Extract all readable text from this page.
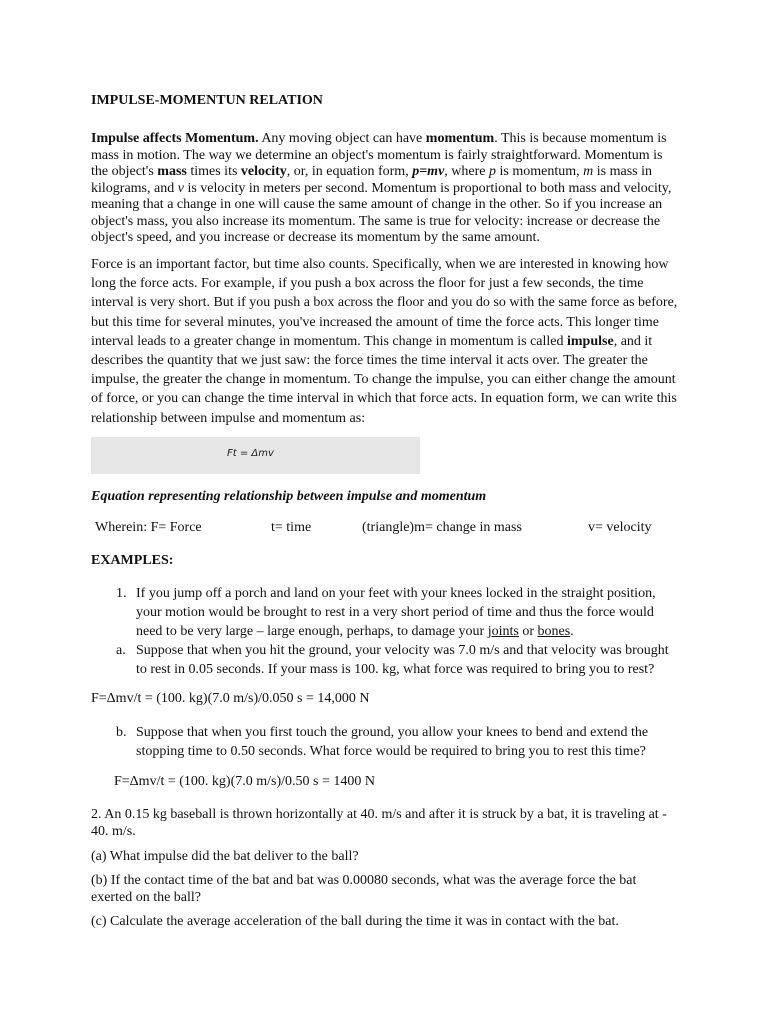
IMPULSE-MOMENTUN RELATION
Impulse affects Momentum. Any moving object can have momentum. This is because momentum is mass in motion. The way we determine an object's momentum is fairly straightforward. Momentum is the object's mass times its velocity, or, in equation form, p=mv, where p is momentum, m is mass in kilograms, and v is velocity in meters per second. Momentum is proportional to both mass and velocity, meaning that a change in one will cause the same amount of change in the other. So if you increase an object's mass, you also increase its momentum. The same is true for velocity: increase or decrease the object's speed, and you increase or decrease its momentum by the same amount.
Force is an important factor, but time also counts. Specifically, when we are interested in knowing how long the force acts. For example, if you push a box across the floor for just a few seconds, the time interval is very short. But if you push a box across the floor and you do so with the same force as before, but this time for several minutes, you've increased the amount of time the force acts. This longer time interval leads to a greater change in momentum. This change in momentum is called impulse, and it describes the quantity that we just saw: the force times the time interval it acts over. The greater the impulse, the greater the change in momentum. To change the impulse, you can either change the amount of force, or you can change the time interval in which that force acts. In equation form, we can write this relationship between impulse and momentum as:
Ft = Δmv
Equation representing relationship between impulse and momentum
Wherein: F= Force	t= time	(triangle)m= change in mass	v= velocity
EXAMPLES:
1. If you jump off a porch and land on your feet with your knees locked in the straight position, your motion would be brought to rest in a very short period of time and thus the force would need to be very large – large enough, perhaps, to damage your joints or bones.
a. Suppose that when you hit the ground, your velocity was 7.0 m/s and that velocity was brought to rest in 0.05 seconds. If your mass is 100. kg, what force was required to bring you to rest?
F=Δmv/t = (100. kg)(7.0 m/s)/0.050 s = 14,000 N
b. Suppose that when you first touch the ground, you allow your knees to bend and extend the stopping time to 0.50 seconds. What force would be required to bring you to rest this time?
F=Δmv/t = (100. kg)(7.0 m/s)/0.50 s = 1400 N
2. An 0.15 kg baseball is thrown horizontally at 40. m/s and after it is struck by a bat, it is traveling at - 40. m/s.
(a) What impulse did the bat deliver to the ball?
(b) If the contact time of the bat and bat was 0.00080 seconds, what was the average force the bat exerted on the ball?
(c) Calculate the average acceleration of the ball during the time it was in contact with the bat.
